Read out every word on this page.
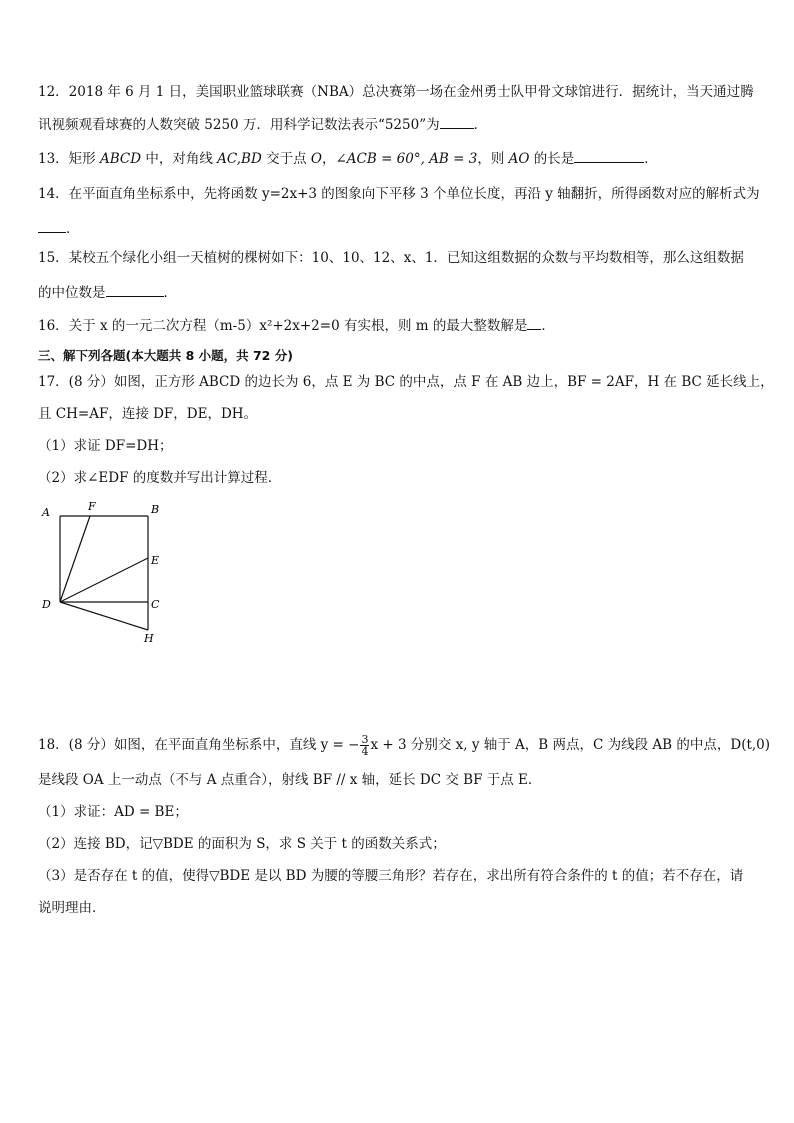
12．2018 年 6 月 1 日，美国职业篮球联赛（NBA）总决赛第一场在金州勇士队甲骨文球馆进行．据统计，当天通过腾
讯视频观看球赛的人数突破 5250 万．用科学记数法表示“5250”为	．
13．矩形 ABCD 中，对角线 AC,BD 交于点 O，∠ACB = 60°, AB = 3，则 AO 的长是	．
14．在平面直角坐标系中，先将函数 y=2x+3 的图象向下平移 3 个单位长度，再沿 y 轴翻折，所得函数对应的解析式为
．
15．某校五个绿化小组一天植树的棵树如下：10、10、12、x、1．已知这组数据的众数与平均数相等，那么这组数据
的中位数是	．
16．关于 x 的一元二次方程（m-5）x²+2x+2=0 有实根，则 m 的最大整数解是 ．
三、解下列各题(本大题共 8 小题，共 72 分)
17．(8 分）如图，正方形 ABCD 的边长为 6，点 E 为 BC 的中点，点 F 在 AB 边上，BF = 2AF，H 在 BC 延长线上，
且 CH=AF，连接 DF，DE，DH。
（1）求证 DF=DH；
（2）求∠EDF 的度数并写出计算过程．
A	F	B
E
D	C
H
18．(8 分）如图，在平面直角坐标系中，直线 y = − $\frac{3}{4}$ x + 3 分别交 x, y 轴于 A，B 两点，C 为线段 AB 的中点，D(t,0)
是线段 OA 上一动点（不与 A 点重合），射线 BF // x 轴，延长 DC 交 BF 于点 E．
（1）求证：AD = BE；
（2）连接 BD，记▽BDE 的面积为 S，求 S 关于 t 的函数关系式；
（3）是否存在 t 的值，使得▽BDE 是以 BD 为腰的等腰三角形？若存在，求出所有符合条件的 t 的值；若不存在，请
说明理由．
